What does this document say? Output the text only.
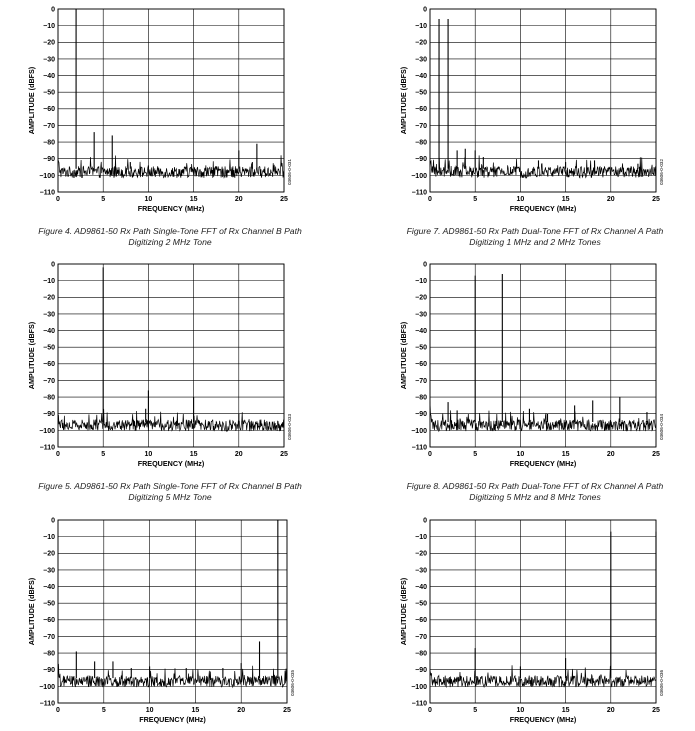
0
−10
−20
−30
−40
−50
−60
−70
−80
−90
−100
−110
0	5	10	15	20	25
FREQUENCY (MHz)
AMPLITUDE (dBFS)
03606-0-031
0
−10
−20
−30
−40
−50
−60
−70
−80
−90
−100
−110
0	5	10	15	20	25
FREQUENCY (MHz)
AMPLITUDE (dBFS)
03606-0-032
0
−10
−20
−30
−40
−50
−60
−70
−80
−90
−100
−110
0	5	10	15	20	25
FREQUENCY (MHz)
AMPLITUDE (dBFS)
03606-0-033
0
−10
−20
−30
−40
−50
−60
−70
−80
−90
−100
−110
0	5	10	15	20	25
FREQUENCY (MHz)
AMPLITUDE (dBFS)
03606-0-034
0
−10
−20
−30
−40
−50
−60
−70
−80
−90
−100
−110
0	5	10	15	20	25
FREQUENCY (MHz)
AMPLITUDE (dBFS)
03606-0-035
0
−10
−20
−30
−40
−50
−60
−70
−80
−90
−100
−110
0	5	10	15	20	25
FREQUENCY (MHz)
AMPLITUDE (dBFS)
03606-0-036

Figure 4. AD9861-50 Rx Path Single-Tone FFT of Rx Channel B Path
Digitizing 2 MHz Tone

Figure 7. AD9861-50 Rx Path Dual-Tone FFT of Rx Channel A Path
Digitizing 1 MHz and 2 MHz Tones

Figure 5. AD9861-50 Rx Path Single-Tone FFT of Rx Channel B Path
Digitizing 5 MHz Tone

Figure 8. AD9861-50 Rx Path Dual-Tone FFT of Rx Channel A Path
Digitizing 5 MHz and 8 MHz Tones
